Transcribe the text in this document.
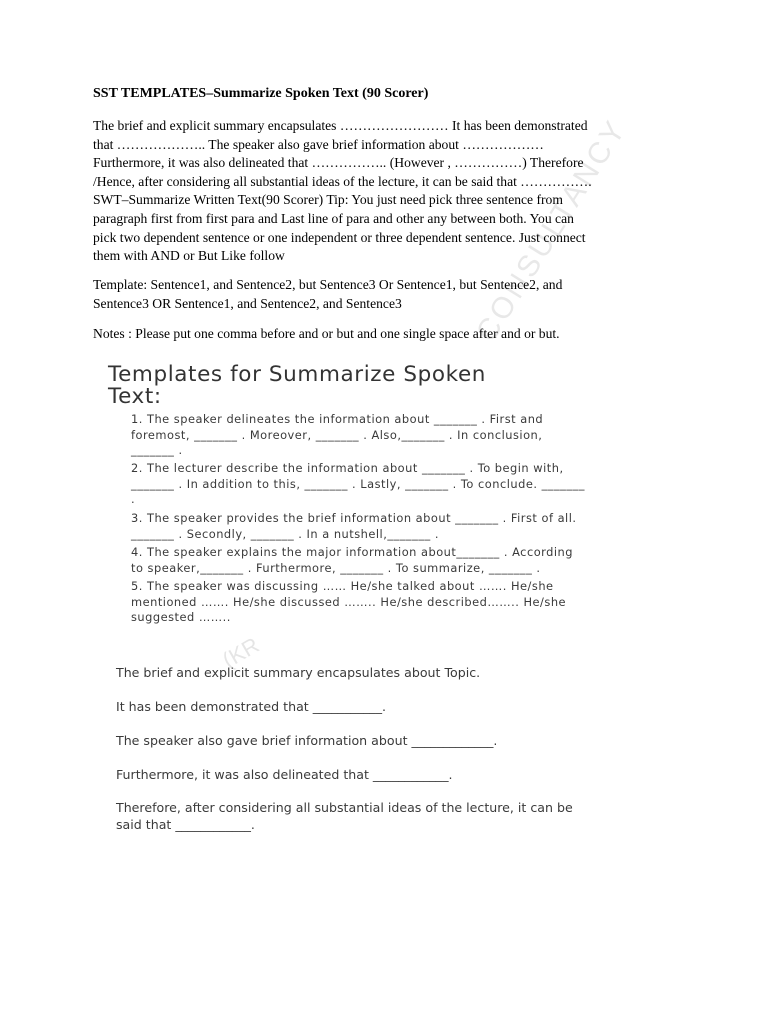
CONSULTANCY
(KR
SST TEMPLATES–Summarize Spoken Text (90 Scorer)
The brief and explicit summary encapsulates …………………… It has been demonstrated
that ……………….. The speaker also gave brief information about ………………
Furthermore, it was also delineated that …………….. (However , ……………) Therefore
/Hence, after considering all substantial ideas of the lecture, it can be said that …………….
SWT–Summarize Written Text(90 Scorer) Tip: You just need pick three sentence from
paragraph first from first para and Last line of para and other any between both. You can
pick two dependent sentence or one independent or three dependent sentence. Just connect
them with AND or But Like follow
Template: Sentence1, and Sentence2, but Sentence3 Or Sentence1, but Sentence2, and
Sentence3 OR Sentence1, and Sentence2, and Sentence3
Notes : Please put one comma before and or but and one single space after and or but.
Templates for Summarize Spoken
Text:
1. The speaker delineates the information about _______ . First and
foremost, _______ . Moreover, _______ . Also,_______ . In conclusion,
_______ .
2. The lecturer describe the information about _______ . To begin with,
_______ . In addition to this, _______ . Lastly, _______ . To conclude. _______
.
3. The speaker provides the brief information about _______ . First of all.
_______ . Secondly, _______ . In a nutshell,_______ .
4. The speaker explains the major information about_______ . According
to speaker,_______ . Furthermore, _______ . To summarize, _______ .
5. The speaker was discussing …… He/she talked about ……. He/she
mentioned ……. He/she discussed …….. He/she described…….. He/she
suggested ……..
The brief and explicit summary encapsulates about Topic.
It has been demonstrated that ___________.
The speaker also gave brief information about _____________.
Furthermore, it was also delineated that ____________.
Therefore, after considering all substantial ideas of the lecture, it can be
said that ____________.
